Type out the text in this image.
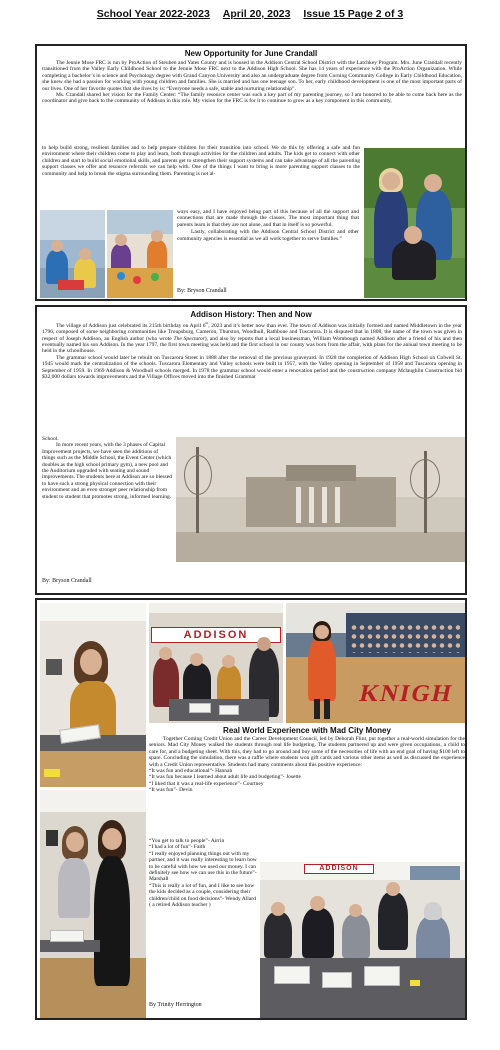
School Year 2022-2023 April 20, 2023 Issue 15 Page 2 of 3
New Opportunity for June Crandall

The Jennie Mose FRC is run by ProAction of Steuben and Yates County and is housed in the Addison Central School District with the Latchkey Program. Mrs. June Crandall recently transitioned from the Valley Early Childhood School to the Jennie Mose FRC next to the Addison High School. She has 14 years of experience with the ProAction Organization. While completing a bachelor’s in science and Psychology degree with Grand Canyon University and also an undergraduate degree from Corning Community College in Early Childhood Education, she knew she had a passion for working with young children and families. She is married and has one teenage son. To her, early childhood development is one of the most important parts of our lives. One of her favorite quotes that she lives by is: “Everyone needs a safe, stable and nurturing relationship”.

Ms. Crandall shared her vision for the Family Center: “The family resource center was such a key part of my parenting journey, so I am honored to be able to come back here as the coordinator and give back to the community of Addison in this role. My vision for the FRC is for it to continue to grow as a key component in this community,

to help build strong, resilient families and to help prepare children for their transition into school. We do this by offering a safe and fun environment where their children come to play and learn, both through activities for the children and adults. The kids get to connect with other children and start to build social emotional skills, and parents get to strengthen their support systems and can take advantage of all the parenting support classes we offer and resource referrals we can help with. One of the things I want to bring is more parenting support classes to the community and help to break the stigma surrounding them. Parenting is not al-

ways easy, and I have enjoyed being part of this because of all the support and connections that are made through the classes. The most important thing that parents learn is that they are not alone, and that in itself is so powerful.

Lastly, collaborating with the Addison Central School District and other community agencies is essential as we all work together to serve families.”

By: Bryson Crandall
Addison History: Then and Now

The village of Addison just celebrated its 215th birthday on April 6th, 2023 and it’s better now than ever. The town of Addison was initially formed and named Middletown in the year 1796, composed of some neighboring communities like Troupsburg, Cameron, Thurston, Woodhull, Rathbone and Tuscarora. It is disputed that in 1808, the name of the town was given in respect of Joseph Addison, an English author (who wrote The Spectator), and also by reports that a local businessman, William Wombough named Addison after a friend of his and then eventually named his son Addison. In the year 1797, the first town meeting was held and the first school in our county was born from the affair, with plans for the annual town meeting to be held in the schoolhouse.

The grammar school would later be rebuilt on Tuscarora Street in 1888 after the removal of the previous graveyard. In 1928 the completion of Addison High School on Colwell St. 1945 would mark the centralization of the schools. Tuscarora Elementary and Valley schools were built in 1957, with the Valley opening in September of 1958 and Tuscarora opening in September of 1959. In 1969 Addison & Woodhull schools merged. In 1978 the grammar school would enter a renovation period and the construction company Mclaughlin Construction bid $32,000 dollars towards improvements and the Village Offices moved into the finished Grammar

School.

In more recent years, with the 3 phases of Capital Improvement projects, we have seen the additions of things such as the Middle School, the Event Center (which doubles as the high school primary gym), a new pool and the Auditorium upgraded with seating and sound improvements. The students here at Addison are so blessed to have such a strong physical connection with their environment and an even stronger peer relationship from student to student that promotes strong, informed learning.

By: Bryson Crandall
ADDISON
KNIGH
Real World Experience with Mad City Money

Together Corning Credit Union and the Career Development Council, led by Deborah Flint, put together a real-world simulation for the seniors. Mad City Money walked the students through real life budgeting. The students partnered up and were given occupations, a child to care for, and a budgeting sheet. With this, they had to go around and buy some of the necessities of life with an end goal of having $100 left to spare. Concluding the simulation, there was a raffle where students won gift cards and various other items as well as discussed the experience with a Credit Union representative. Students had many comments about this positive experience:

“It was fun and educational”- Hannah
“It was fun because I learned about adult life and budgeting”- Josette
“I liked that it was a real-life experience”- Courtney
“It was fun”- Devin
“You get to talk to people”- Airrin
“I had a lot of fun”- Faith
“I really enjoyed planning things out with my partner, and it was really interesting to learn how to be careful with how we used our money. I can definitely see how we can use this in the future”- Marshall
“This is really a lot of fun, and I like to see how the kids decided as a couple, considering their children/child on food decisions”- Wendy Allard ( a retired Addison teacher )
By Trinity Herrington
ADDISON
